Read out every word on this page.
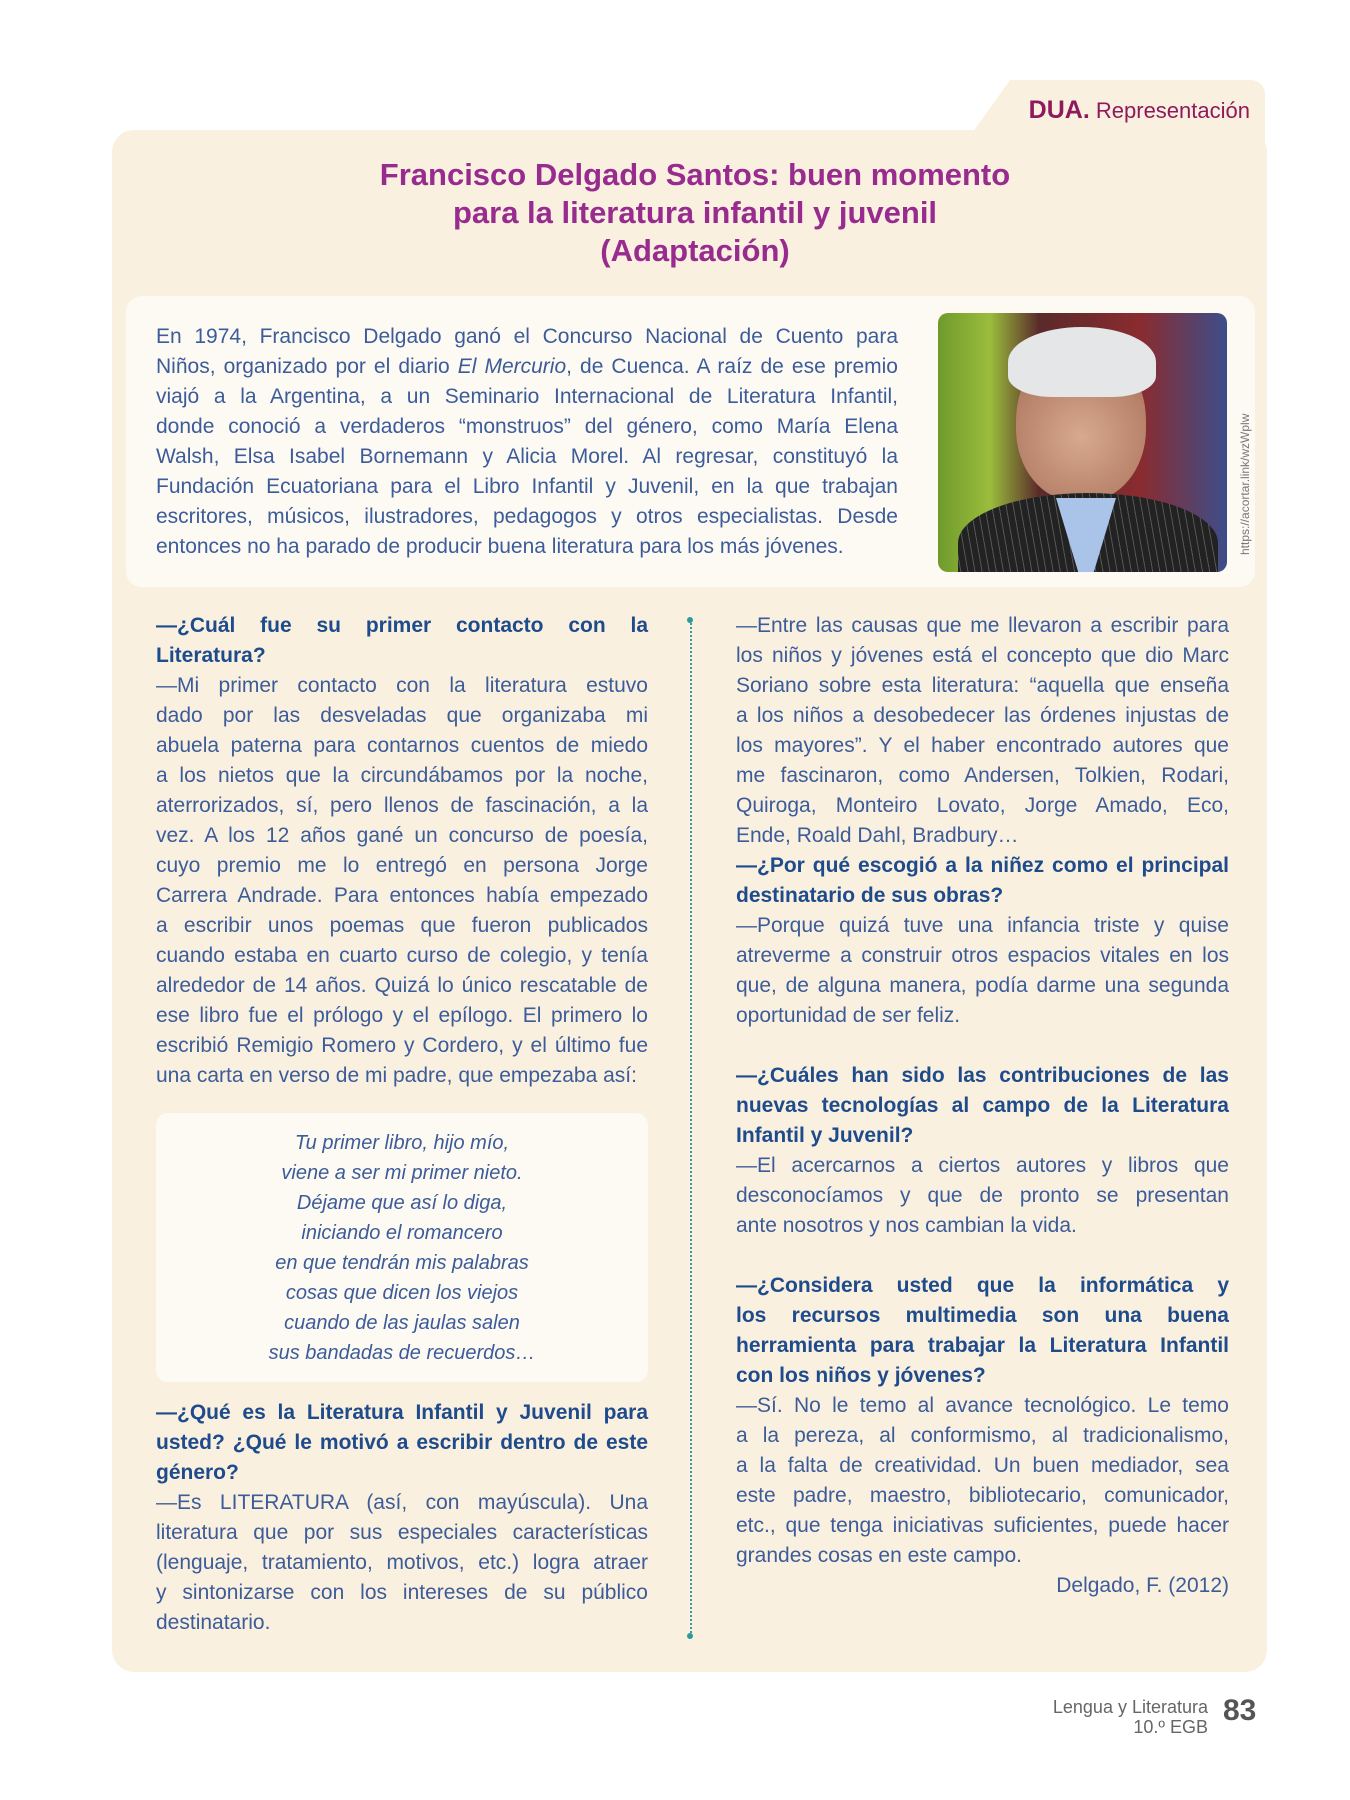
DUA. Representación
Francisco Delgado Santos: buen momento
para la literatura infantil y juvenil
(Adaptación)
En 1974, Francisco Delgado ganó el Concurso Nacional de Cuento para
Niños, organizado por el diario El Mercurio, de Cuenca. A raíz de ese premio
viajó a la Argentina, a un Seminario Internacional de Literatura Infantil,
donde conoció a verdaderos “monstruos” del género, como María Elena
Walsh, Elsa Isabel Bornemann y Alicia Morel. Al regresar, constituyó la
Fundación Ecuatoriana para el Libro Infantil y Juvenil, en la que trabajan
escritores, músicos, ilustradores, pedagogos y otros especialistas. Desde
entonces no ha parado de producir buena literatura para los más jóvenes.	https://acortar.link/wzWplw
—¿Cuál fue su primer contacto con la
Literatura?
—Mi primer contacto con la literatura estuvo
dado por las desveladas que organizaba mi
abuela paterna para contarnos cuentos de miedo
a los nietos que la circundábamos por la noche,
aterrorizados, sí, pero llenos de fascinación, a la
vez. A los 12 años gané un concurso de poesía,
cuyo premio me lo entregó en persona Jorge
Carrera Andrade. Para entonces había empezado
a escribir unos poemas que fueron publicados
cuando estaba en cuarto curso de colegio, y tenía
alrededor de 14 años. Quizá lo único rescatable de
ese libro fue el prólogo y el epílogo. El primero lo
escribió Remigio Romero y Cordero, y el último fue
una carta en verso de mi padre, que empezaba así:
Tu primer libro, hijo mío,
viene a ser mi primer nieto.
Déjame que así lo diga,
iniciando el romancero
en que tendrán mis palabras
cosas que dicen los viejos
cuando de las jaulas salen
sus bandadas de recuerdos…
—¿Qué es la Literatura Infantil y Juvenil para
usted? ¿Qué le motivó a escribir dentro de este
género?
—Es LITERATURA (así, con mayúscula). Una
literatura que por sus especiales características
(lenguaje, tratamiento, motivos, etc.) logra atraer
y sintonizarse con los intereses de su público
destinatario.
—Entre las causas que me llevaron a escribir para
los niños y jóvenes está el concepto que dio Marc
Soriano sobre esta literatura: “aquella que enseña
a los niños a desobedecer las órdenes injustas de
los mayores”. Y el haber encontrado autores que
me fascinaron, como Andersen, Tolkien, Rodari,
Quiroga, Monteiro Lovato, Jorge Amado, Eco,
Ende, Roald Dahl, Bradbury…
—¿Por qué escogió a la niñez como el principal
destinatario de sus obras?
—Porque quizá tuve una infancia triste y quise
atreverme a construir otros espacios vitales en los
que, de alguna manera, podía darme una segunda
oportunidad de ser feliz.
—¿Cuáles han sido las contribuciones de las
nuevas tecnologías al campo de la Literatura
Infantil y Juvenil?
—El acercarnos a ciertos autores y libros que
desconocíamos y que de pronto se presentan
ante nosotros y nos cambian la vida.
—¿Considera usted que la informática y
los recursos multimedia son una buena
herramienta para trabajar la Literatura Infantil
con los niños y jóvenes?
—Sí. No le temo al avance tecnológico. Le temo
a la pereza, al conformismo, al tradicionalismo,
a la falta de creatividad. Un buen mediador, sea
este padre, maestro, bibliotecario, comunicador,
etc., que tenga iniciativas suficientes, puede hacer
grandes cosas en este campo.
Delgado, F. (2012)
Lengua y Literatura
10.º EGB 83
